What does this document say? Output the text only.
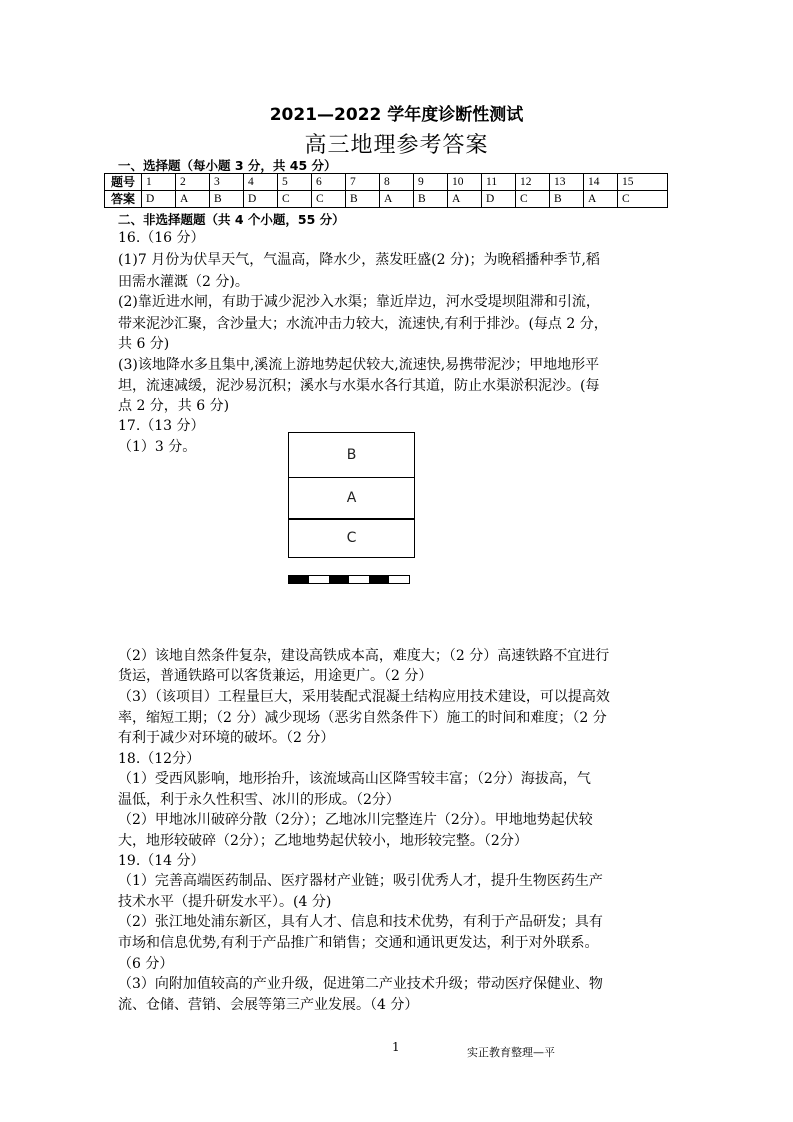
2021—2022 学年度诊断性测试
高三地理参考答案
一、选择题（每小题 3 分，共 45 分）
题号	1	2	3	4	5	6	7	8	9	10	11	12	13	14	15
答案	D	A	B	D	C	C	B	A	B	A	D	C	B	A	C
二、非选择题题（共 4 个小题，55 分）
16.（16 分）
(1)7 月份为伏旱天气，气温高，降水少，蒸发旺盛(2 分)；为晚稻播种季节,稻
田需水灌溉（2 分)。
(2)靠近进水闸，有助于减少泥沙入水渠；靠近岸边，河水受堤坝阻滞和引流，
带来泥沙汇聚，含沙量大；水流冲击力较大，流速快,有利于排沙。(每点 2 分，
共 6 分)
(3)该地降水多且集中,溪流上游地势起伏较大,流速快,易携带泥沙；甲地地形平
坦，流速减缓，泥沙易沉积；溪水与水渠水各行其道，防止水渠淤积泥沙。(每
点 2 分，共 6 分)
17.（13 分）
（1）3 分。	B
A
C
（2）该地自然条件复杂，建设高铁成本高，难度大；（2 分）高速铁路不宜进行
货运，普通铁路可以客货兼运，用途更广。（2 分）
（3）（该项目）工程量巨大，采用装配式混凝土结构应用技术建设，可以提高效
率，缩短工期；（2 分）减少现场（恶劣自然条件下）施工的时间和难度；（2 分
有利于减少对环境的破坏。（2 分）
18.（12分）
（1）受西风影响，地形抬升，该流域高山区降雪较丰富；（2分）海拔高，气
温低，利于永久性积雪、冰川的形成。（2分）
（2）甲地冰川破碎分散（2分）；乙地冰川完整连片（2分）。甲地地势起伏较
大，地形较破碎（2分）；乙地地势起伏较小，地形较完整。（2分）
19.（14 分）
（1）完善高端医药制品、医疗器材产业链；吸引优秀人才，提升生物医药生产
技术水平（提升研发水平）。(4 分)
（2）张江地处浦东新区，具有人才、信息和技术优势，有利于产品研发；具有
市场和信息优势,有利于产品推广和销售；交通和通讯更发达，利于对外联系。
（6 分）
（3）向附加值较高的产业升级，促进第二产业技术升级；带动医疗保健业、物
流、仓储、营销、会展等第三产业发展。（4 分）
1	实正教育整理—平
